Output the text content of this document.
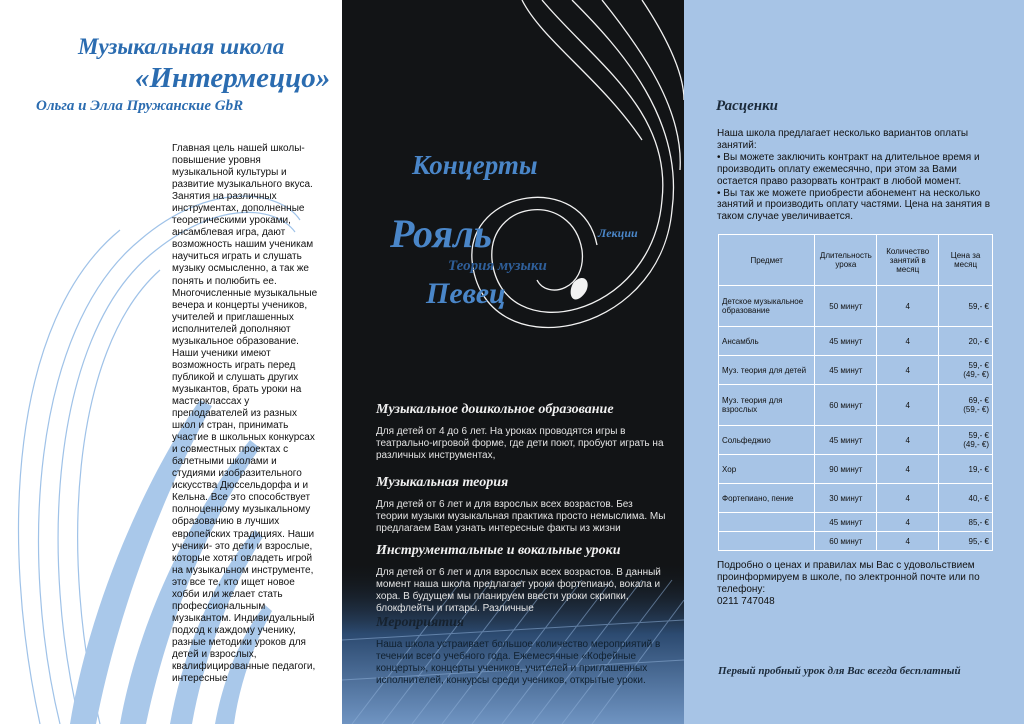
Музыкальная школа
«Интермеццо»
Ольга и Элла Пружанские GbR

Главная цель нашей школы- повышение уровня музыкальной культуры и развитие музыкального вкуса. Занятия на различных инструментах, дополненные теоретическими уроками, ансамблевая игра, дают возможность нашим ученикам научиться играть и слушать музыку осмысленно, а так же понять и полюбить ее. Многочисленные музыкальные вечера и концерты учеников, учителей и приглашенных исполнителей дополняют музыкальное образование. Наши ученики имеют возможность играть перед публикой и слушать других музыкантов, брать уроки на мастерклассах у преподавателей из разных школ и стран, принимать участие в школьных конкурсах и совместных проектах с балетными школами и студиями изобразительного искусства Дюссельдорфа и и Кельна. Все это способствует полноценному музыкальному образованию в лучших европейских традициях. Наши ученики- это дети и взрослые, которые хотят овладеть игрой на музыкальном инструменте, это все те, кто ищет новое хобби или желает стать профессиональным музыкантом. Индивидуальный подход к каждому ученику, разные методики уроков для детей и взрослых, квалифицированные педагоги, интересные

Концерты
Рояль	Лекции
Теория музыки
Певец
Музыкальное дошкольное образование

Для детей от 4 до 6 лет. На уроках проводятся игры в театрально-игровой форме, где дети поют, пробуют играть на различных инструментах,

Музыкальная теория

Для детей от 6 лет и для взрослых всех возрастов. Без теории музыки музыкальная практика просто немыслима. Мы предлагаем Вам узнать интересные факты из жизни

Инструментальные и вокальные уроки

Для детей от 6 лет и для взрослых всех возрастов. В данный момент наша школа предлагает уроки фортепиано, вокала и хора. В будущем мы планируем ввести уроки скрипки, блокфлейты и гитары. Различные

Мероприятия

Наша школа устраивает большое количество мероприятий в течении всего учебного года. Ежемесячные «Кофейные концерты», концерты учеников, учителей и приглашенных исполнителей, конкурсы среди учеников, открытые уроки.

Расценки

Наша школа предлагает несколько вариантов оплаты занятий:
• Вы можете заключить контракт на длительное время и производить оплату ежемесячно, при этом за Вами остается право разорвать контракт в любой момент.
• Вы так же можете приобрести абонемент на несколько занятий и производить оплату частями. Цена на занятия в таком случае увеличивается.

Предмет	Длительность урока	Количество занятий в месяц	Цена за месяц
Детское музыкальное образование	50 минут	4	59,- €
Ансамбль	45 минут	4	20,- €
Муз. теория для детей	45 минут	4	59,- €
(49,- €)
Муз. теория для взрослых	60 минут	4	69,- €
(59,- €)
Сольфеджио	45 минут	4	59,- €
(49,- €)
Хор	90 минут	4	19,- €
Фортепиано, пение	30 минут	4	40,- €
	45 минут	4	85,- €
	60 минут	4	95,- €

Подробно о ценах и правилах мы Вас с удовольствием проинформируем в школе, по электронной почте или по телефону:
0211 747048

Первый пробный урок для Вас всегда бесплатный
